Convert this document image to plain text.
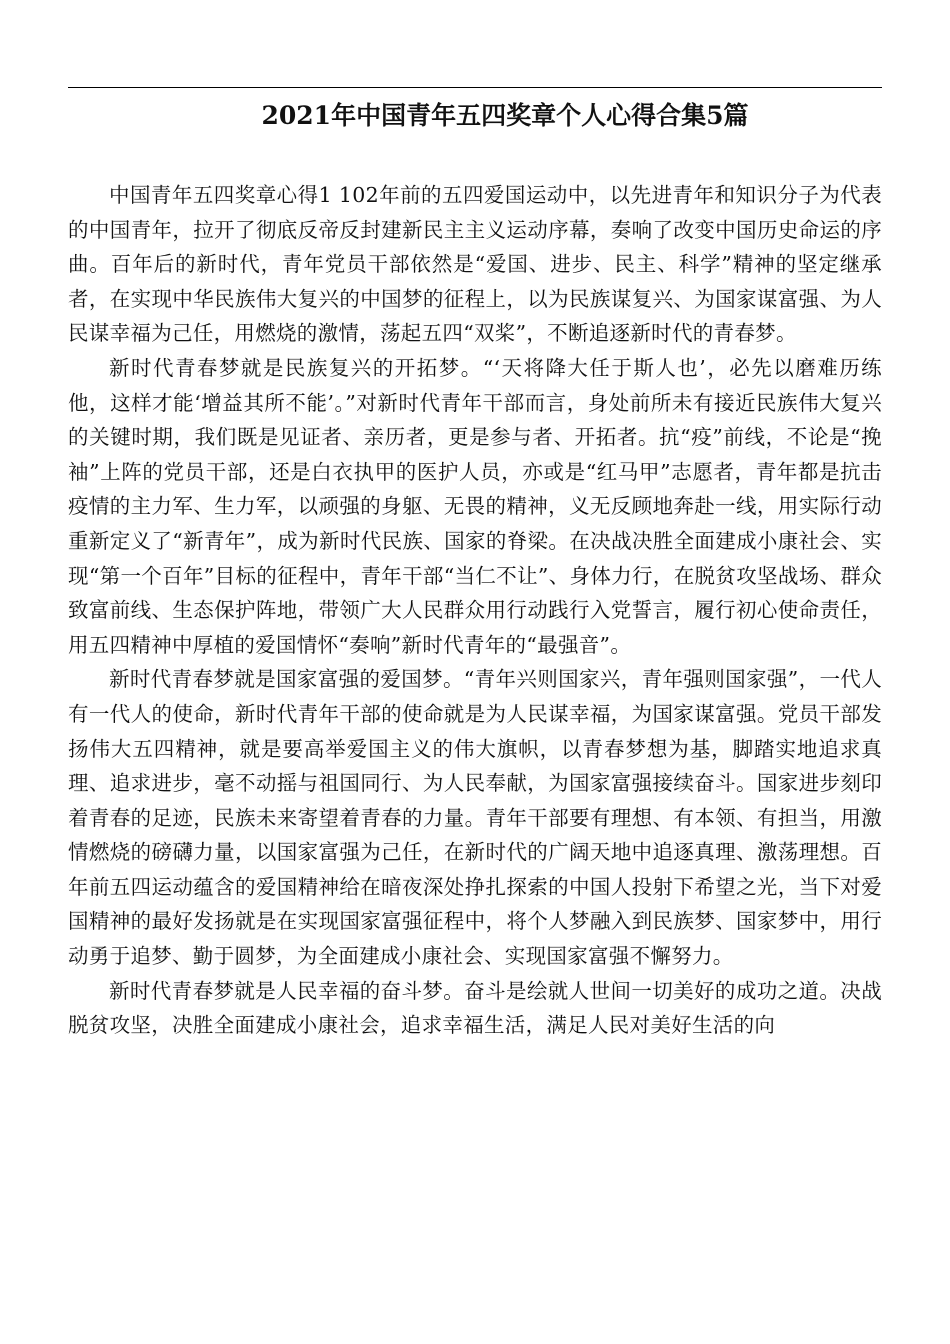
2021年中国青年五四奖章个人心得合集5篇

中国青年五四奖章心得1 102年前的五四爱国运动中，以先进青年和知识分子为代表的中国青年，拉开了彻底反帝反封建新民主主义运动序幕，奏响了改变中国历史命运的序曲。百年后的新时代，青年党员干部依然是“爱国、进步、民主、科学”精神的坚定继承者，在实现中华民族伟大复兴的中国梦的征程上，以为民族谋复兴、为国家谋富强、为人民谋幸福为己任，用燃烧的激情，荡起五四“双桨”，不断追逐新时代的青春梦。

新时代青春梦就是民族复兴的开拓梦。“‘天将降大任于斯人也’，必先以磨难历练他，这样才能‘增益其所不能’。”对新时代青年干部而言，身处前所未有接近民族伟大复兴的关键时期，我们既是见证者、亲历者，更是参与者、开拓者。抗“疫”前线，不论是“挽袖”上阵的党员干部，还是白衣执甲的医护人员，亦或是“红马甲”志愿者，青年都是抗击疫情的主力军、生力军，以顽强的身躯、无畏的精神，义无反顾地奔赴一线，用实际行动重新定义了“新青年”，成为新时代民族、国家的脊梁。在决战决胜全面建成小康社会、实现“第一个百年”目标的征程中，青年干部“当仁不让”、身体力行，在脱贫攻坚战场、群众致富前线、生态保护阵地，带领广大人民群众用行动践行入党誓言，履行初心使命责任，用五四精神中厚植的爱国情怀“奏响”新时代青年的“最强音”。

新时代青春梦就是国家富强的爱国梦。“青年兴则国家兴，青年强则国家强”，一代人有一代人的使命，新时代青年干部的使命就是为人民谋幸福，为国家谋富强。党员干部发扬伟大五四精神，就是要高举爱国主义的伟大旗帜，以青春梦想为基，脚踏实地追求真理、追求进步，毫不动摇与祖国同行、为人民奉献，为国家富强接续奋斗。国家进步刻印着青春的足迹，民族未来寄望着青春的力量。青年干部要有理想、有本领、有担当，用激情燃烧的磅礴力量，以国家富强为己任，在新时代的广阔天地中追逐真理、激荡理想。百年前五四运动蕴含的爱国精神给在暗夜深处挣扎探索的中国人投射下希望之光，当下对爱国精神的最好发扬就是在实现国家富强征程中，将个人梦融入到民族梦、国家梦中，用行动勇于追梦、勤于圆梦，为全面建成小康社会、实现国家富强不懈努力。

新时代青春梦就是人民幸福的奋斗梦。奋斗是绘就人世间一切美好的成功之道。决战脱贫攻坚，决胜全面建成小康社会，追求幸福生活，满足人民对美好生活的向
